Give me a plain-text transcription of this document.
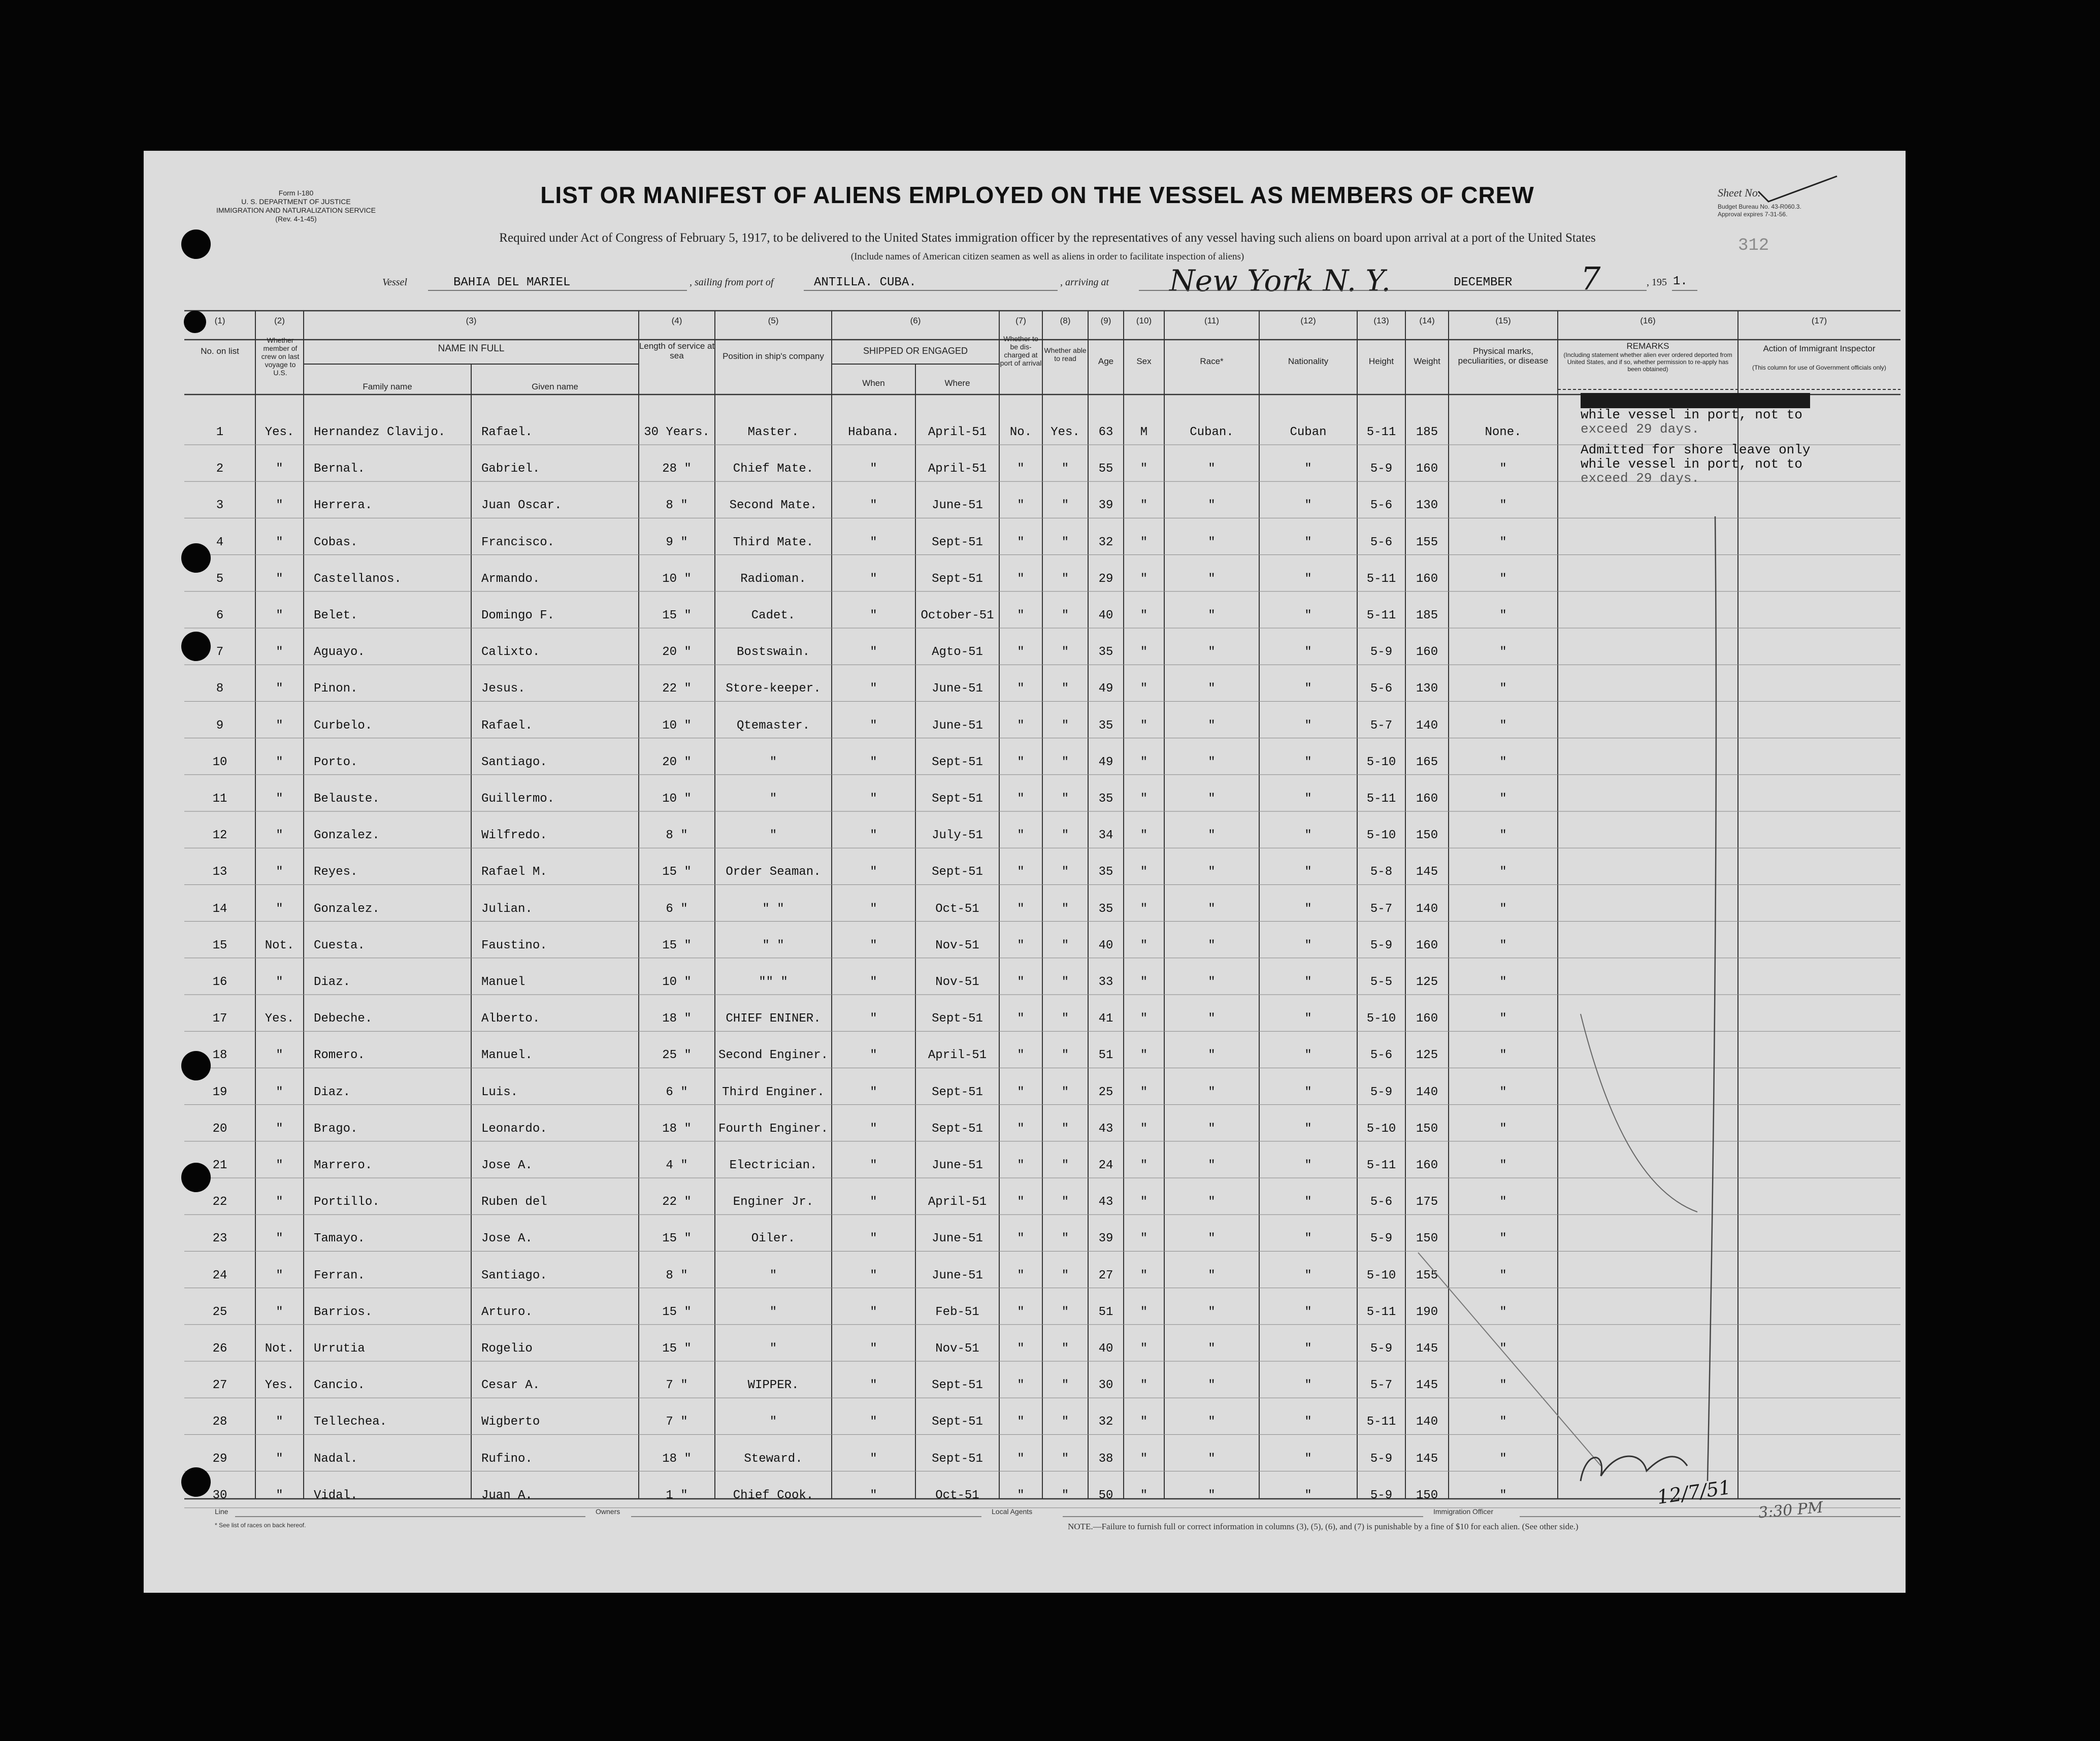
Form I-180
U. S. DEPARTMENT OF JUSTICE
IMMIGRATION AND NATURALIZATION SERVICE
(Rev. 4-1-45)
LIST OR MANIFEST OF ALIENS EMPLOYED ON THE VESSEL AS MEMBERS OF CREW
Required under Act of Congress of February 5, 1917, to be delivered to the United States immigration officer by the representatives of any vessel having such aliens on board upon arrival at a port of the United States
(Include names of American citizen seamen as well as aliens in order to facilitate inspection of aliens)
Sheet No.
Budget Bureau No. 43-R060.3.
Approval expires 7-31-56.
312
Vessel	BAHIA DEL MARIEL	, sailing from port of	ANTILLA. CUBA.	, arriving at New York N. Y.	DECEMBER 7	, 195 1.
No. on list
Whether member of crew on last voyage to U.S.
NAME IN FULL
Family name	Given name
Length of service at sea	Position in ship's company
SHIPPED OR ENGAGED
When	Where
Whether to be dis-charged at port of arrival
Whether able to read	Age	Sex	Race*	Nationality	Height	Weight
Physical marks, peculiarities, or disease
REMARKS
(Including statement whether alien ever ordered deported from United States, and if so, whether permission to re-apply has been obtained)
Action of Immigrant Inspector
(This column for use of Government officials only)
(1)	(2)	(3)	(4)	(5)	(6)	(7)	(8)	(9)	(10)	(11)	(12)	(13)	(14)	(15)	(16)	(17)
1	Yes.	Hernandez Clavijo.	Rafael.	30 Years.	Master.	Habana.	April-51	No.	Yes.	63	M	Cuban.	Cuban	5-11	185	None.
2	"	Bernal.	Gabriel.	28 "	Chief Mate.	"	April-51	"	"	55	"	"	"	5-9	160	"
3	"	Herrera.	Juan Oscar.	8 "	Second Mate.	"	June-51	"	"	39	"	"	"	5-6	130	"
4	"	Cobas.	Francisco.	9 "	Third Mate.	"	Sept-51	"	"	32	"	"	"	5-6	155	"
5	"	Castellanos.	Armando.	10 "	Radioman.	"	Sept-51	"	"	29	"	"	"	5-11	160	"
6	"	Belet.	Domingo F.	15 "	Cadet.	"	October-51	"	"	40	"	"	"	5-11	185	"
7	"	Aguayo.	Calixto.	20 "	Bostswain.	"	Agto-51	"	"	35	"	"	"	5-9	160	"
8	"	Pinon.	Jesus.	22 "	Store-keeper.	"	June-51	"	"	49	"	"	"	5-6	130	"
9	"	Curbelo.	Rafael.	10 "	Qtemaster.	"	June-51	"	"	35	"	"	"	5-7	140	"
10	"	Porto.	Santiago.	20 "	"	"	Sept-51	"	"	49	"	"	"	5-10	165	"
11	"	Belauste.	Guillermo.	10 "	"	"	Sept-51	"	"	35	"	"	"	5-11	160	"
12	"	Gonzalez.	Wilfredo.	8 "	"	"	July-51	"	"	34	"	"	"	5-10	150	"
13	"	Reyes.	Rafael M.	15 "	Order Seaman.	"	Sept-51	"	"	35	"	"	"	5-8	145	"
14	"	Gonzalez.	Julian.	6 "	" "	"	Oct-51	"	"	35	"	"	"	5-7	140	"
15	Not.	Cuesta.	Faustino.	15 "	" "	"	Nov-51	"	"	40	"	"	"	5-9	160	"
16	"	Diaz.	Manuel	10 "	"" "	"	Nov-51	"	"	33	"	"	"	5-5	125	"
17	Yes.	Debeche.	Alberto.	18 "	CHIEF ENINER.	"	Sept-51	"	"	41	"	"	"	5-10	160	"
18	"	Romero.	Manuel.	25 "	Second Enginer.	"	April-51	"	"	51	"	"	"	5-6	125	"
19	"	Diaz.	Luis.	6 "	Third Enginer.	"	Sept-51	"	"	25	"	"	"	5-9	140	"
20	"	Brago.	Leonardo.	18 "	Fourth Enginer.	"	Sept-51	"	"	43	"	"	"	5-10	150	"
21	"	Marrero.	Jose A.	4 "	Electrician.	"	June-51	"	"	24	"	"	"	5-11	160	"
22	"	Portillo.	Ruben del	22 "	Enginer Jr.	"	April-51	"	"	43	"	"	"	5-6	175	"
23	"	Tamayo.	Jose A.	15 "	Oiler.	"	June-51	"	"	39	"	"	"	5-9	150	"
24	"	Ferran.	Santiago.	8 "	"	"	June-51	"	"	27	"	"	"	5-10	155	"
25	"	Barrios.	Arturo.	15 "	"	"	Feb-51	"	"	51	"	"	"	5-11	190	"
26	Not.	Urrutia	Rogelio	15 "	"	"	Nov-51	"	"	40	"	"	"	5-9	145	"
27	Yes.	Cancio.	Cesar A.	7 "	WIPPER.	"	Sept-51	"	"	30	"	"	"	5-7	145	"
28	"	Tellechea.	Wigberto	7 "	"	"	Sept-51	"	"	32	"	"	"	5-11	140	"
29	"	Nadal.	Rufino.	18 "	Steward.	"	Sept-51	"	"	38	"	"	"	5-9	145	"
30	"	Vidal.	Juan A.	1 "	Chief Cook.	"	Oct-51	"	"	50	"	"	"	5-9	150	"
Admitted for shore leave only
while vessel in port, not to
exceed 29 days.
Admitted for shore leave only
while vessel in port, not to
exceed 29 days.
12/7/51
3:30 PM
Line	Owners	Local Agents	Immigration Officer
* See list of races on back hereof.	NOTE.—Failure to furnish full or correct information in columns (3), (5), (6), and (7) is punishable by a fine of $10 for each alien. (See other side.)
